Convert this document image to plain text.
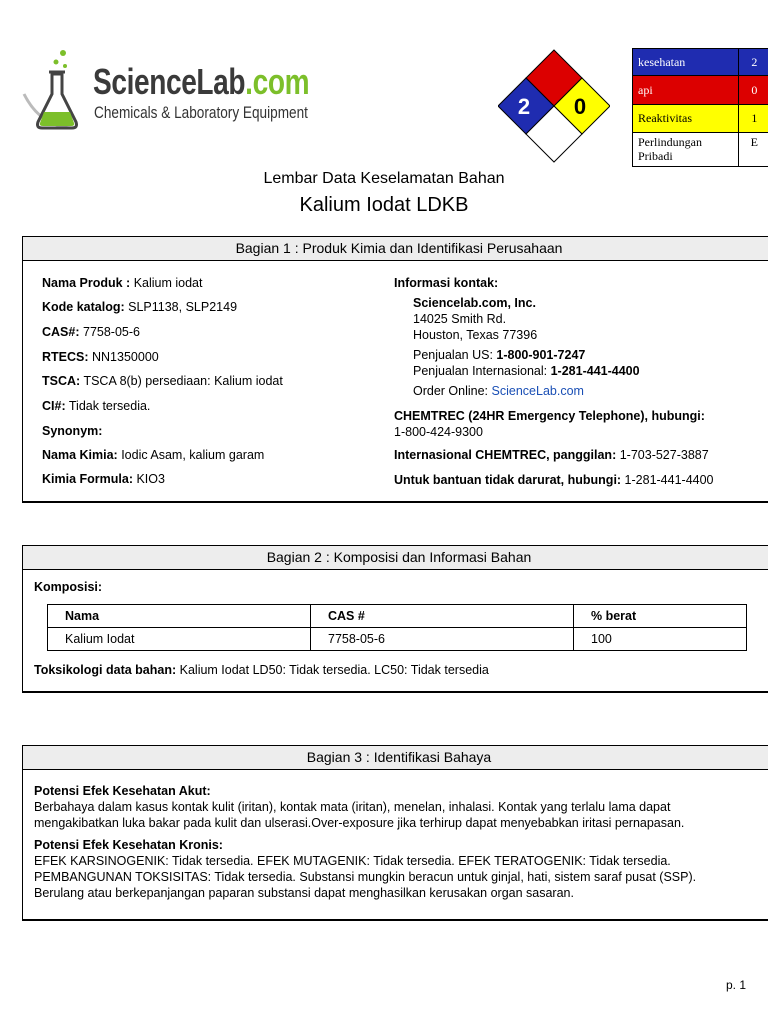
ScienceLab.com
Chemicals & Laboratory Equipment	2 0
kesehatan	2
api	0
Reaktivitas	1
Perlindungan Pribadi	E
Lembar Data Keselamatan Bahan
Kalium Iodat LDKB
Bagian 1 : Produk Kimia dan Identifikasi Perusahaan
Nama Produk : Kalium iodat
Kode katalog: SLP1138, SLP2149
CAS#: 7758-05-6
RTECS: NN1350000
TSCA: TSCA 8(b) persediaan: Kalium iodat
CI#: Tidak tersedia.
Synonym:
Nama Kimia: Iodic Asam, kalium garam
Kimia Formula: KIO3
Informasi kontak:
Sciencelab.com, Inc.
14025 Smith Rd.
Houston, Texas 77396
Penjualan US: 1-800-901-7247
Penjualan Internasional: 1-281-441-4400
Order Online: ScienceLab.com
CHEMTREC (24HR Emergency Telephone), hubungi:
1-800-424-9300
Internasional CHEMTREC, panggilan: 1-703-527-3887
Untuk bantuan tidak darurat, hubungi: 1-281-441-4400
Bagian 2 : Komposisi dan Informasi Bahan
Komposisi:
Nama	CAS #	% berat
Kalium Iodat	7758-05-6	100
Toksikologi data bahan: Kalium Iodat LD50: Tidak tersedia. LC50: Tidak tersedia
Bagian 3 : Identifikasi Bahaya
Potensi Efek Kesehatan Akut:
Berbahaya dalam kasus kontak kulit (iritan), kontak mata (iritan), menelan, inhalasi. Kontak yang terlalu lama dapat
mengakibatkan luka bakar pada kulit dan ulserasi.Over-exposure jika terhirup dapat menyebabkan iritasi pernapasan.
Potensi Efek Kesehatan Kronis:
EFEK KARSINOGENIK: Tidak tersedia. EFEK MUTAGENIK: Tidak tersedia. EFEK TERATOGENIK: Tidak tersedia.
PEMBANGUNAN TOKSISITAS: Tidak tersedia. Substansi mungkin beracun untuk ginjal, hati, sistem saraf pusat (SSP).
Berulang atau berkepanjangan paparan substansi dapat menghasilkan kerusakan organ sasaran.
p. 1
